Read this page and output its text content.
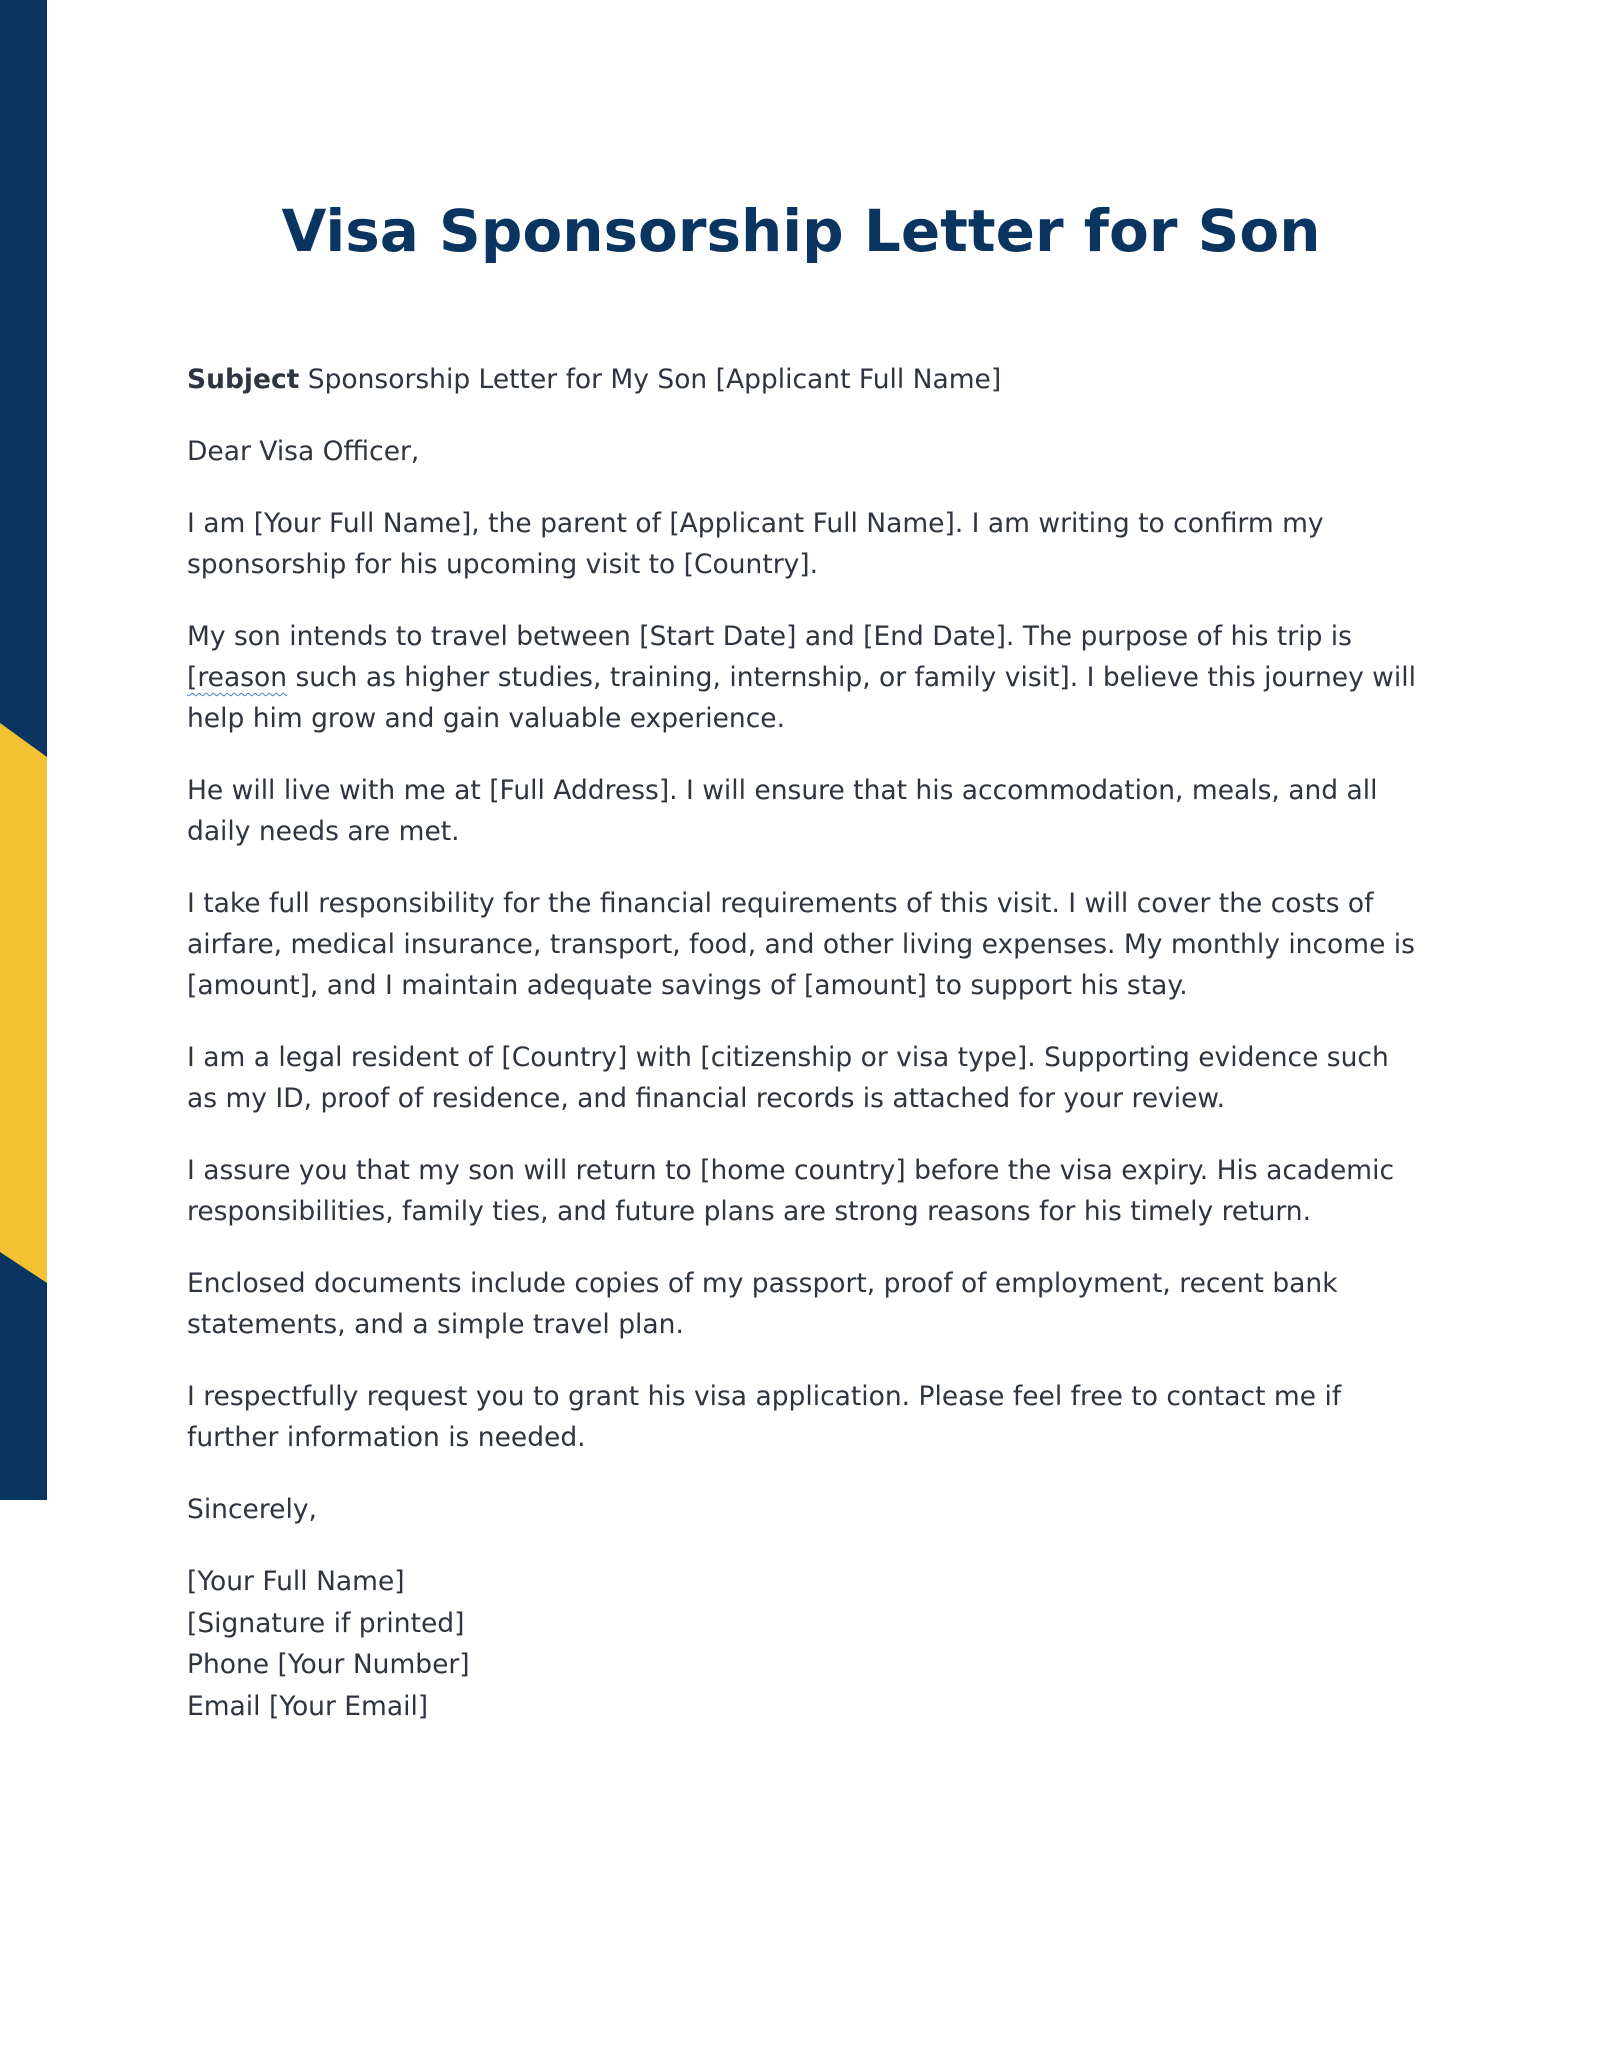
Visa Sponsorship Letter for Son

Subject Sponsorship Letter for My Son [Applicant Full Name]

Dear Visa Officer,

I am [Your Full Name], the parent of [Applicant Full Name]. I am writing to confirm my sponsorship for his upcoming visit to [Country].

My son intends to travel between [Start Date] and [End Date]. The purpose of his trip is [reason such as higher studies, training, internship, or family visit]. I believe this journey will help him grow and gain valuable experience.

He will live with me at [Full Address]. I will ensure that his accommodation, meals, and all daily needs are met.

I take full responsibility for the financial requirements of this visit. I will cover the costs of airfare, medical insurance, transport, food, and other living expenses. My monthly income is [amount], and I maintain adequate savings of [amount] to support his stay.

I am a legal resident of [Country] with [citizenship or visa type]. Supporting evidence such as my ID, proof of residence, and financial records is attached for your review.

I assure you that my son will return to [home country] before the visa expiry. His academic responsibilities, family ties, and future plans are strong reasons for his timely return.

Enclosed documents include copies of my passport, proof of employment, recent bank statements, and a simple travel plan.

I respectfully request you to grant his visa application. Please feel free to contact me if further information is needed.

Sincerely,

[Your Full Name]
[Signature if printed]
Phone [Your Number]
Email [Your Email]
